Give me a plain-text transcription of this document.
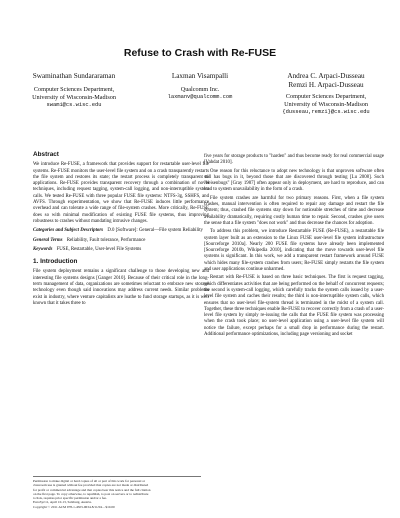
Refuse to Crash with Re-FUSE
Swaminathan Sundararaman
Computer Sciences Department,
University of Wisconsin-Madison
swami@cs.wisc.edu
Laxman Visampalli
Qualcomm Inc.
laxmanv@qualcomm.com
Andrea C. Arpaci-Dusseau
Remzi H. Arpaci-Dusseau
Computer Sciences Department,
University of Wisconsin-Madison
{dusseau,remzi}@cs.wisc.edu
Abstract
We introduce Re-FUSE, a framework that provides support for restartable user-level file systems. Re-FUSE monitors the user-level file system and on a crash transparently restarts the file system and restores its state; the restart process is completely transparent to applications. Re-FUSE provides transparent recovery through a combination of novel techniques, including request tagging, system-call logging, and non-interruptible system calls. We tested Re-FUSE with three popular FUSE file systems: NTFS-3g, SSHFS, and AVFS. Through experimentation, we show that Re-FUSE induces little performance overhead and can tolerate a wide range of file-system crashes. More critically, Re-FUSE does so with minimal modification of existing FUSE file systems, thus improving robustness to crashes without mandating intrusive changes.
Categories and Subject Descriptors D.0 [Software]: General—File system Reliability
General Terms Reliability, Fault tolerance, Performance
Keywords FUSE, Restartable, User-level File Systems
1. Introduction
File system deployment remains a significant challenge to those developing new and interesting file systems designs [Ganger 2010]. Because of their critical role in the long-term management of data, organizations are sometimes reluctant to embrace new storage technology even though said innovations may address current needs. Similar problems exist in industry, where venture capitalists are loathe to fund storage startups, as it is well known that it takes three to
Permission to make digital or hard copies of all or part of this work for personal or
classroom use is granted without fee provided that copies are not made or distributed
for profit or commercial advantage and that copies bear this notice and the full citation
on the first page. To copy otherwise, to republish, to post on servers or to redistribute
to lists, requires prior specific permission and/or a fee.
EuroSys'11, April 10-13, Salzburg, Austria.
Copyright © 2011 ACM 978-1-4503-0634-8/11/04... $10.00
five years for storage products to "harden" and thus become ready for real commercial usage [Vahdat 2010].
One reason for this reluctance to adopt new technology is that unproven software often still has bugs in it, beyond those that are discovered through testing [Lu 2008]. Such "heisenbugs" [Gray 1987] often appear only in deployment, are hard to reproduce, and can lead to system unavailability in the form of a crash.
File system crashes are harmful for two primary reasons. First, when a file system crashes, manual intervention is often required to repair any damage and restart the file system; thus, crashed file systems stay down for noticeable stretches of time and decrease availability dramatically, requiring costly human time to repair. Second, crashes give users the sense that a file system "does not work" and thus decrease the chances for adoption.
To address this problem, we introduce Restartable FUSE (Re-FUSE), a restartable file system layer built as an extension to the Linux FUSE user-level file system infrastructure [Sourceforge 2010a]. Nearly 200 FUSE file systems have already been implemented [Sourceforge 2010b, Wikipedia 2010], indicating that the move towards user-level file systems is significant. In this work, we add a transparent restart framework around FUSE which hides many file-system crashes from users; Re-FUSE simply restarts the file system and user applications continue unharmed.
Restart with Re-FUSE is based on three basic techniques. The first is request tagging, which differentiates activities that are being performed on the behalf of concurrent requests; the second is system-call logging, which carefully tracks the system calls issued by a user-level file system and caches their results; the third is non-interruptible system calls, which ensures that no user-level file-system thread is terminated in the midst of a system call. Together, these three techniques enable Re-FUSE to recover correctly from a crash of a user-level file system by simply re-issuing the calls that the FUSE file system was processing when the crash took place; no user-level application using a user-level file system will notice the failure, except perhaps for a small drop in performance during the restart. Additional performance optimizations, including page versioning and socket
